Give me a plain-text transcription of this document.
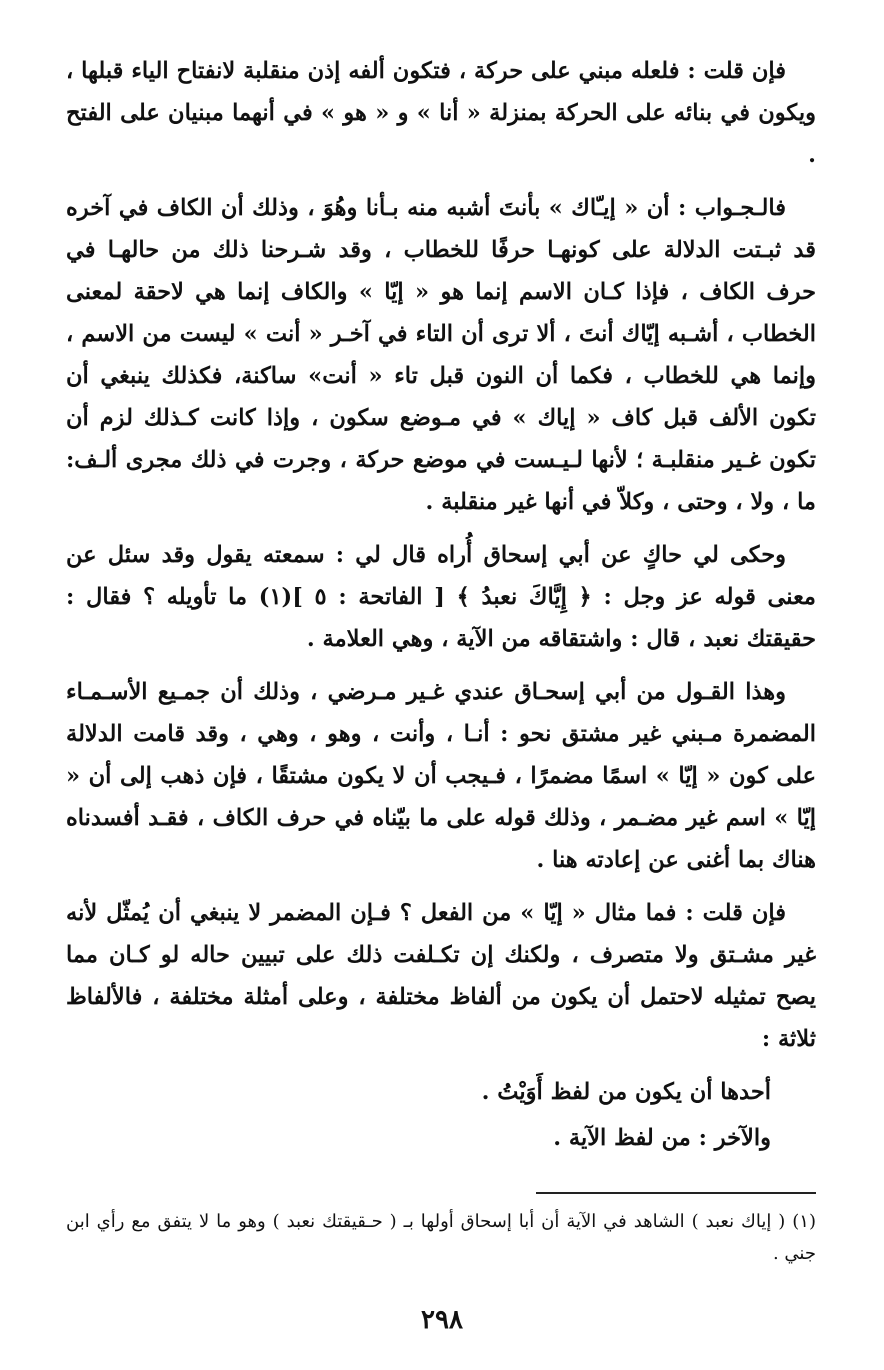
فإن قلت : فلعله مبني على حركة ، فتكون ألفه إذن منقلبة لانفتاح الياء قبلها ، ويكون في بنائه على الحركة بمنزلة « أنا » و « هو » في أنهما مبنيان على الفتح .

فالـجـواب : أن « إيـّاك » بأنتَ أشبه منه بـأنا وهُوَ ، وذلك أن الكاف في آخره قد ثبـتت الدلالة على كونهـا حرفًا للخطاب ، وقد شـرحنا ذلك من حالهـا في حرف الكاف ، فإذا كـان الاسم إنما هو « إيّا » والكاف إنما هي لاحقة لمعنى الخطاب ، أشـبه إيّاك أنتَ ، ألا ترى أن التاء في آخـر « أنت » ليست من الاسم ، وإنما هي للخطاب ، فكما أن النون قبل تاء « أنت» ساكنة، فكذلك ينبغي أن تكون الألف قبل كاف « إياك » في مـوضع سكون ، وإذا كانت كـذلك لزم أن تكون غـير منقلبـة ؛ لأنها لـيـست في موضع حركة ، وجرت في ذلك مجرى ألـف: ما ، ولا ، وحتى ، وكلاّ في أنها غير منقلبة .

وحكى لي حاكٍ عن أبي إسحاق أُراه قال لي : سمعته يقول وقد سئل عن معنى قوله عز وجل : ﴿ إِيَّاكَ نعبدُ ﴾ [ الفاتحة : ٥ ](١) ما تأويله ؟ فقال : حقيقتك نعبد ، قال : واشتقاقه من الآية ، وهي العلامة .

وهذا القـول من أبي إسحـاق عندي غـير مـرضي ، وذلك أن جمـيع الأسـمـاء المضمرة مـبني غير مشتق نحو : أنـا ، وأنت ، وهو ، وهي ، وقد قامت الدلالة على كون « إيّا » اسمًا مضمرًا ، فـيجب أن لا يكون مشتقًا ، فإن ذهب إلى أن « إيّا » اسم غير مضـمر ، وذلك قوله على ما بيّناه في حرف الكاف ، فقـد أفسدناه هناك بما أغنى عن إعادته هنا .

فإن قلت : فما مثال « إيّا » من الفعل ؟ فـإن المضمر لا ينبغي أن يُمثّل لأنه غير مشـتق ولا متصرف ، ولكنك إن تكـلفت ذلك على تبيين حاله لو كـان مما يصح تمثيله لاحتمل أن يكون من ألفاظ مختلفة ، وعلى أمثلة مختلفة ، فالألفاظ ثلاثة :

أحدها أن يكون من لفظ أَوَيْتُ .

والآخر : من لفظ الآية .

(١) ( إياك نعبد ) الشاهد في الآية أن أبا إسحاق أولها بـ ( حـقيقتك نعبد ) وهو ما لا يتفق مع رأي ابن جني .
٢٩٨
